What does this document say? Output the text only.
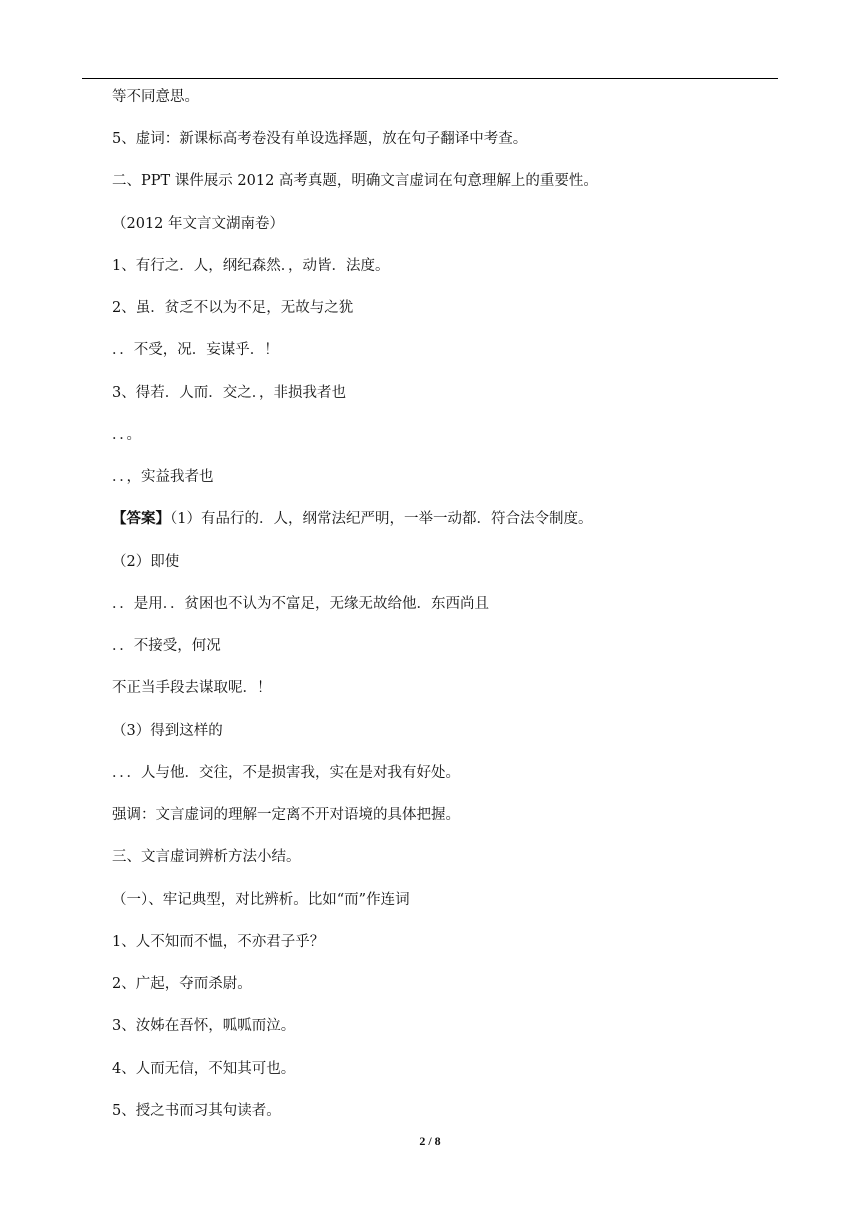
等不同意思。
5、虚词：新课标高考卷没有单设选择题，放在句子翻译中考查。
二、PPT 课件展示 2012 高考真题，明确文言虚词在句意理解上的重要性。
（2012 年文言文湖南卷）
1、有行之．人，纲纪森然．，动皆．法度。
2、虽．贫乏不以为不足，无故与之犹
．．不受，况．妄谋乎．！
3、得若．人而．交之．，非损我者也
．．。
．．，实益我者也
【答案】（1）有品行的．人，纲常法纪严明，一举一动都．符合法令制度。
（2）即使
．．是用．．贫困也不认为不富足，无缘无故给他．东西尚且
．．不接受，何况
不正当手段去谋取呢．！
（3）得到这样的
．．．人与他．交往，不是损害我，实在是对我有好处。
强调：文言虚词的理解一定离不开对语境的具体把握。
三、文言虚词辨析方法小结。
（一）、牢记典型，对比辨析。比如“而”作连词
1、人不知而不愠，不亦君子乎？
2、广起，夺而杀尉。
3、汝姊在吾怀，呱呱而泣。
4、人而无信，不知其可也。
5、授之书而习其句读者。
2 / 8
